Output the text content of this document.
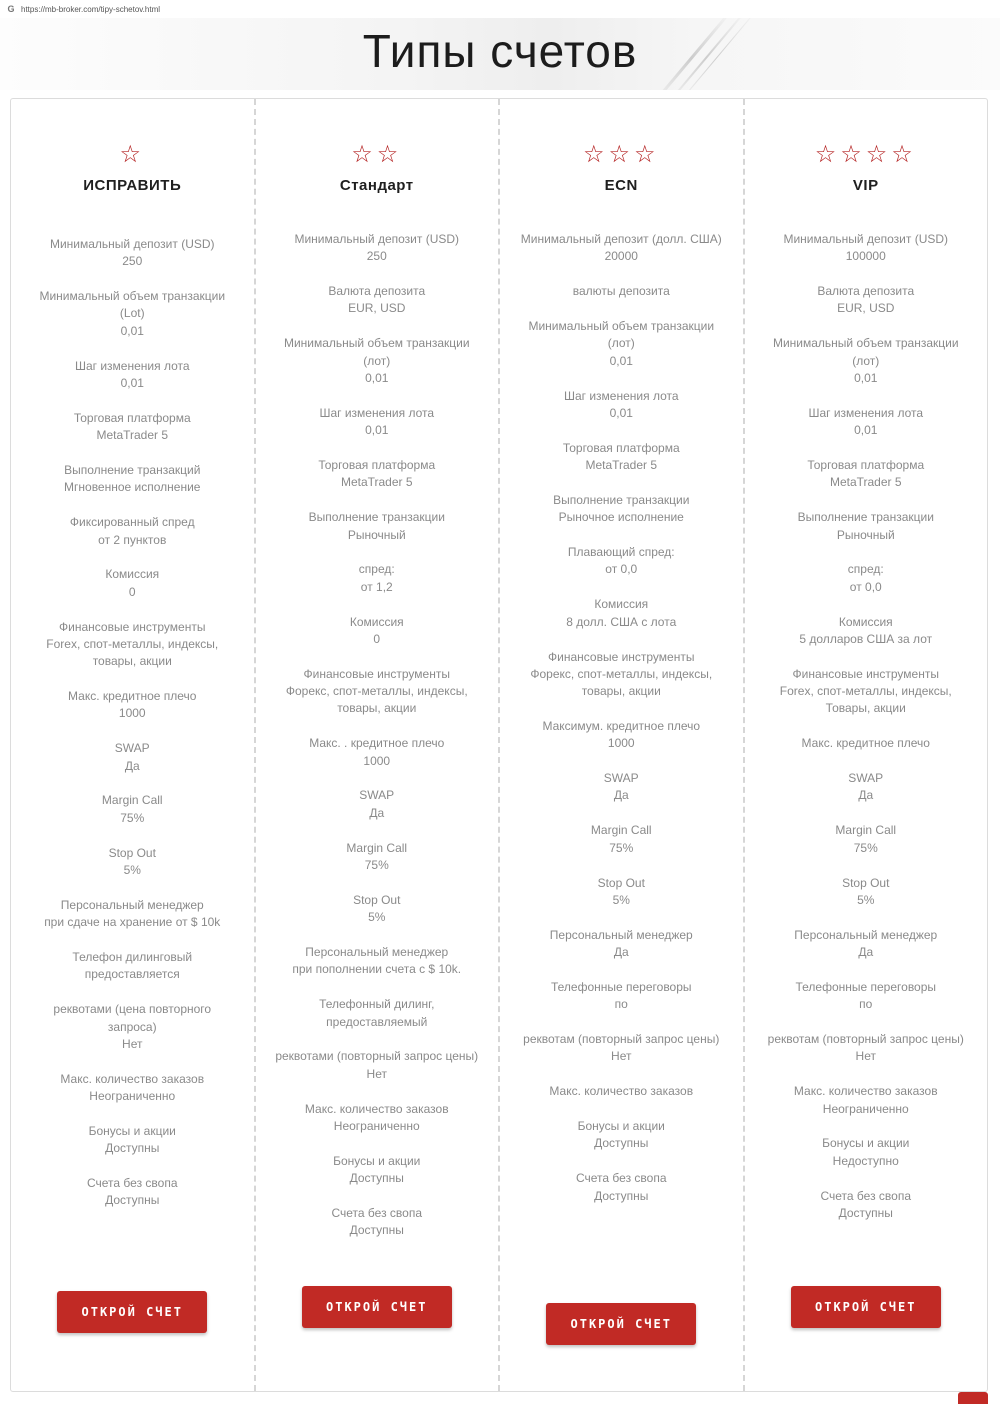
G https://mb-broker.com/tipy-schetov.html
Типы счетов
☆
ИСПРАВИТЬ
Минимальный депозит (USD)
250
Минимальный объем транзакции (Lot)
0,01
Шаг изменения лота
0,01
Торговая платформа
MetaTrader 5
Выполнение транзакций
Мгновенное исполнение
Фиксированный спред
от 2 пунктов
Комиссия
0
Финансовые инструменты
Forex, спот-металлы, индексы, товары, акции
Макс. кредитное плечо
1000
SWAP
Да
Margin Call
75%
Stop Out
5%
Персональный менеджер
при сдаче на хранение от $ 10k
Телефон дилинговый
предоставляется
реквотами (цена повторного запроса)
Нет
Макс. количество заказов
Неограниченно
Бонусы и акции
Доступны
Счета без свопа
Доступны
ОТКРОЙ СЧЕТ
☆☆
Стандарт
Минимальный депозит (USD)
250
Валюта депозита
EUR, USD
Минимальный объем транзакции (лот)
0,01
Шаг изменения лота
0,01
Торговая платформа
MetaTrader 5
Выполнение транзакции
Рыночный
спред:
от 1,2
Комиссия
0
Финансовые инструменты
Форекс, спот-металлы, индексы, товары, акции
Макс. . кредитное плечо
1000
SWAP
Да
Margin Call
75%
Stop Out
5%
Персональный менеджер
при пополнении счета с $ 10k.
Телефонный дилинг,
предоставляемый
реквотами (повторный запрос цены)
Нет
Макс. количество заказов
Неограниченно
Бонусы и акции
Доступны
Счета без свопа
Доступны
ОТКРОЙ СЧЕТ
☆☆☆
ECN
Минимальный депозит (долл. США)
20000
валюты депозита
Минимальный объем транзакции (лот)
0,01
Шаг изменения лота
0,01
Торговая платформа
MetaTrader 5
Выполнение транзакции
Рыночное исполнение
Плавающий спред:
от 0,0
Комиссия
8 долл. США с лота
Финансовые инструменты
Форекс, спот-металлы, индексы, товары, акции
Максимум. кредитное плечо
1000
SWAP
Да
Margin Call
75%
Stop Out
5%
Персональный менеджер
Да
Телефонные переговоры
по
реквотам (повторный запрос цены)
Нет
Макс. количество заказов
Бонусы и акции
Доступны
Счета без свопа
Доступны
ОТКРОЙ СЧЕТ
☆☆☆☆
VIP
Минимальный депозит (USD)
100000
Валюта депозита
EUR, USD
Минимальный объем транзакции (лот)
0,01
Шаг изменения лота
0,01
Торговая платформа
MetaTrader 5
Выполнение транзакции
Рыночный
спред:
от 0,0
Комиссия
5 долларов США за лот
Финансовые инструменты
Forex, спот-металлы, индексы, Товары, акции
Макс. кредитное плечо
SWAP
Да
Margin Call
75%
Stop Out
5%
Персональный менеджер
Да
Телефонные переговоры
по
реквотам (повторный запрос цены)
Нет
Макс. количество заказов
Неограниченно
Бонусы и акции
Недоступно
Счета без свопа
Доступны
ОТКРОЙ СЧЕТ
